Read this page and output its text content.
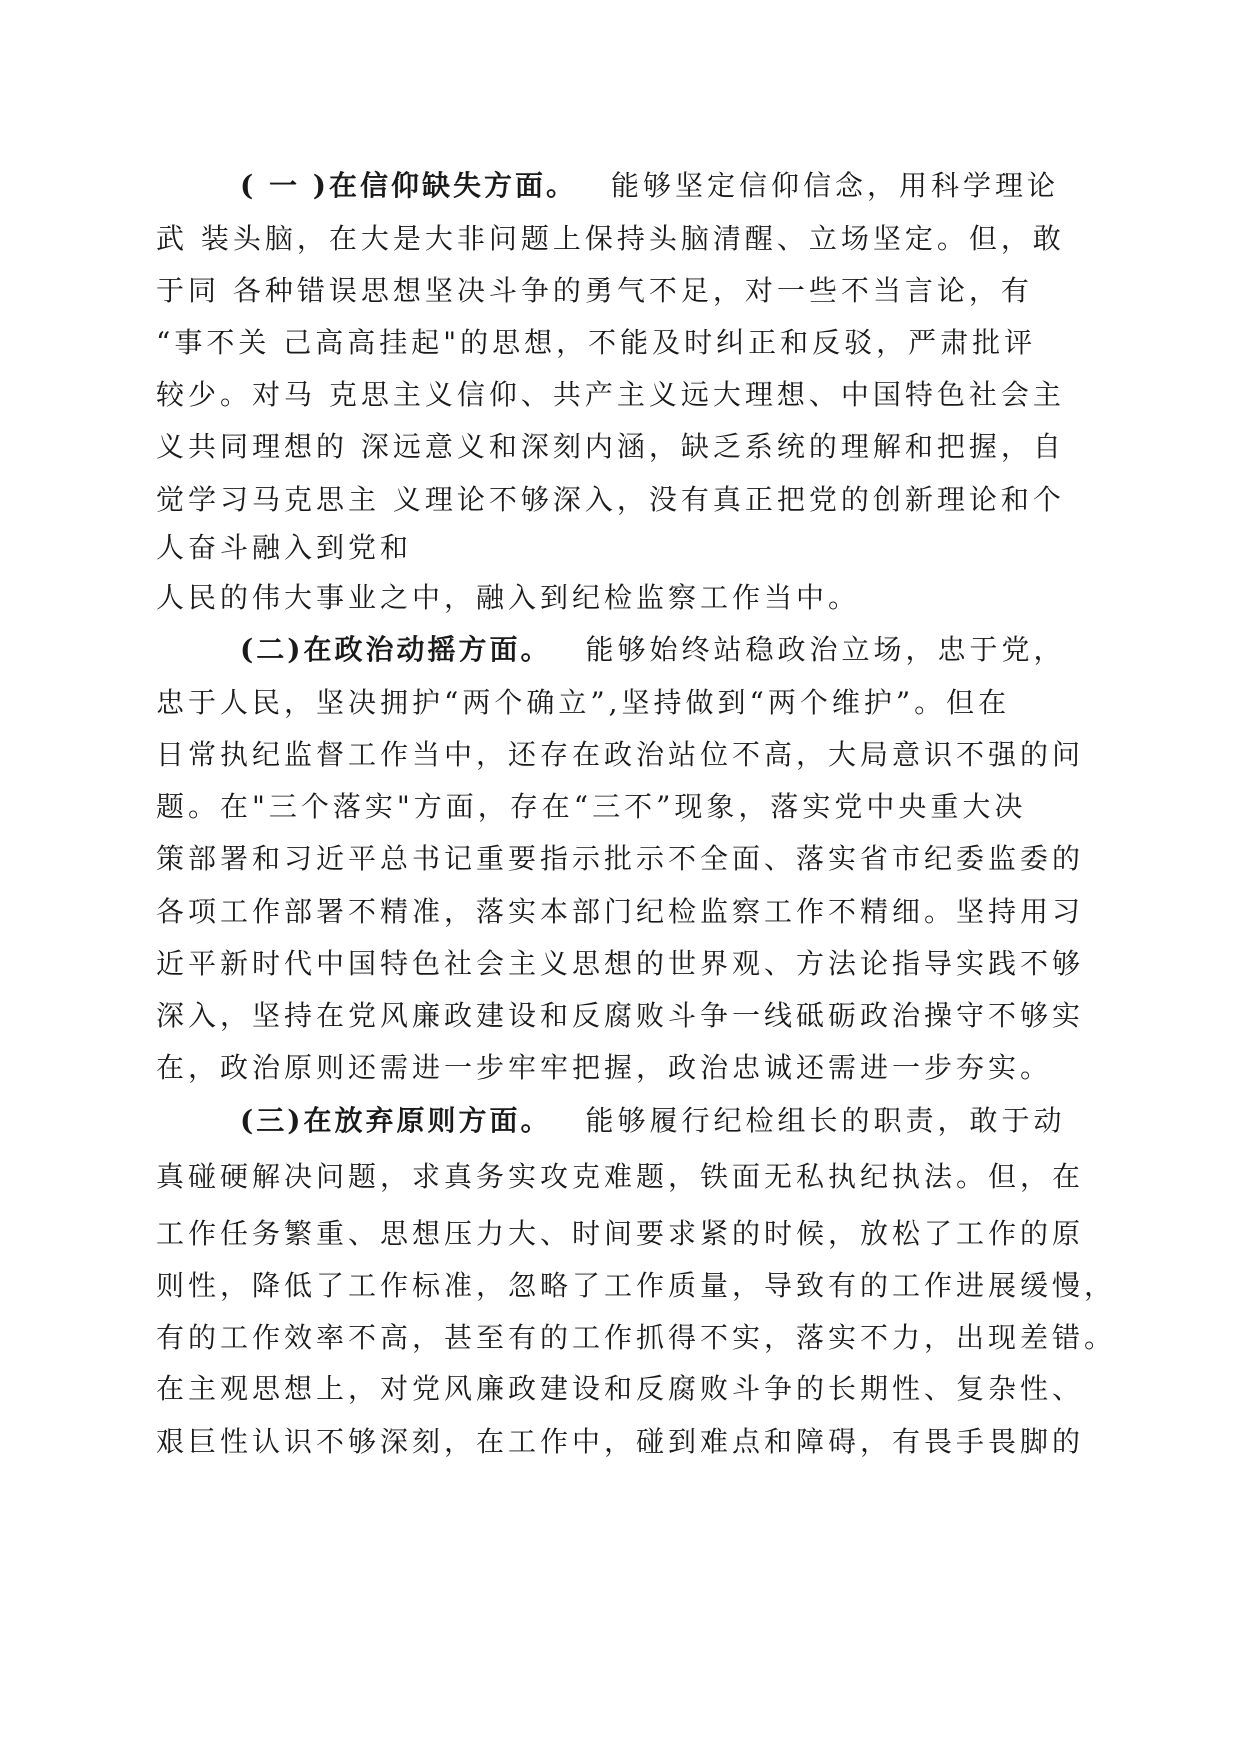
( 一 )在信仰缺失方面。 能够坚定信仰信念，用科学理论
武 装头脑，在大是大非问题上保持头脑清醒、立场坚定。但，敢
于同 各种错误思想坚决斗争的勇气不足，对一些不当言论，有
“事不关 己高高挂起"的思想，不能及时纠正和反驳，严肃批评
较少。对马 克思主义信仰、共产主义远大理想、中国特色社会主
义共同理想的 深远意义和深刻内涵，缺乏系统的理解和把握，自
觉学习马克思主 义理论不够深入，没有真正把党的创新理论和个
人奋斗融入到党和
人民的伟大事业之中，融入到纪检监察工作当中。
(二)在政治动摇方面。 能够始终站稳政治立场，忠于党，
忠于人民，坚决拥护“两个确立”,坚持做到“两个维护”。但在
日常执纪监督工作当中，还存在政治站位不高，大局意识不强的问
题。在"三个落实"方面，存在“三不”现象，落实党中央重大决
策部署和习近平总书记重要指示批示不全面、落实省市纪委监委的
各项工作部署不精准，落实本部门纪检监察工作不精细。坚持用习
近平新时代中国特色社会主义思想的世界观、方法论指导实践不够
深入，坚持在党风廉政建设和反腐败斗争一线砥砺政治操守不够实
在，政治原则还需进一步牢牢把握，政治忠诚还需进一步夯实。
(三)在放弃原则方面。 能够履行纪检组长的职责，敢于动
真碰硬解决问题，求真务实攻克难题，铁面无私执纪执法。但，在
工作任务繁重、思想压力大、时间要求紧的时候，放松了工作的原
则性，降低了工作标准，忽略了工作质量，导致有的工作进展缓慢，
有的工作效率不高，甚至有的工作抓得不实，落实不力，出现差错。
在主观思想上，对党风廉政建设和反腐败斗争的长期性、复杂性、
艰巨性认识不够深刻，在工作中，碰到难点和障碍，有畏手畏脚的
